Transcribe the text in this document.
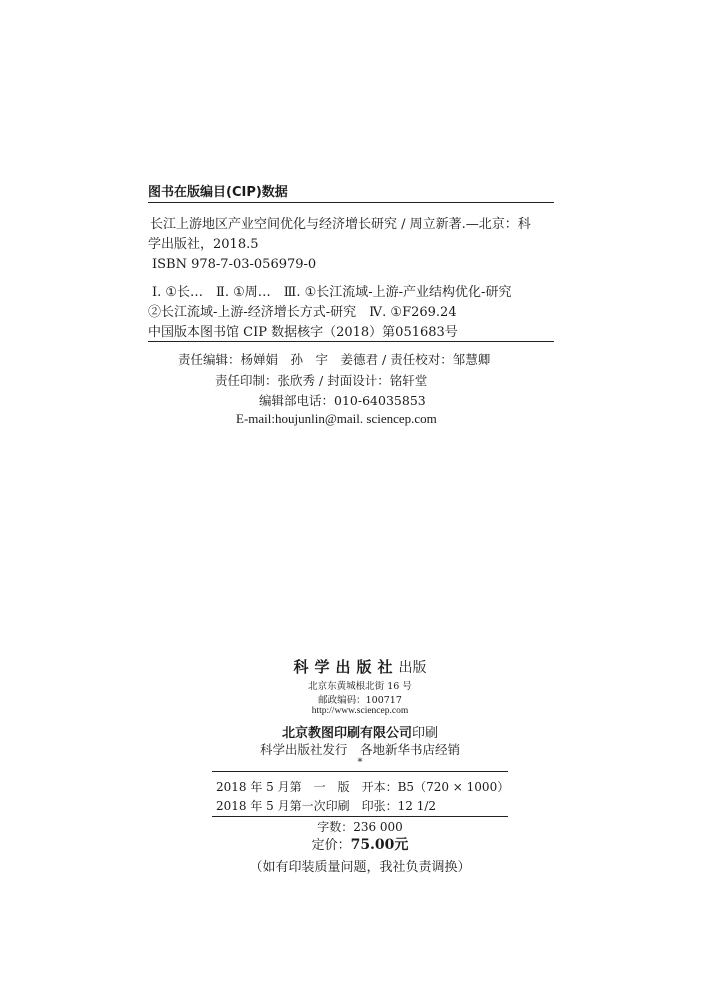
图书在版编目(CIP)数据
长江上游地区产业空间优化与经济增长研究 / 周立新著.—北京：科
学出版社，2018.5
ISBN 978-7-03-056979-0
Ⅰ. ①长…　Ⅱ. ①周…　Ⅲ. ①长江流域-上游-产业结构优化-研究
②长江流域-上游-经济增长方式-研究　Ⅳ. ①F269.24
中国版本图书馆 CIP 数据核字（2018）第051683号
责任编辑：杨婵娟　孙　宇　姜德君 / 责任校对：邹慧卿
责任印制：张欣秀 / 封面设计：铭轩堂
编辑部电话：010-64035853
E-mail:houjunlin@mail. sciencep.com
科学出版社出版
北京东黄城根北街 16 号
邮政编码：100717
http://www.sciencep.com
北京教图印刷有限公司印刷
科学出版社发行　各地新华书店经销
*
2018 年 5 月第　一　版　开本：B5（720 × 1000）
2018 年 5 月第一次印刷　印张：12 1/2
字数：236 000
定价：75.00元
（如有印装质量问题，我社负责调换）
